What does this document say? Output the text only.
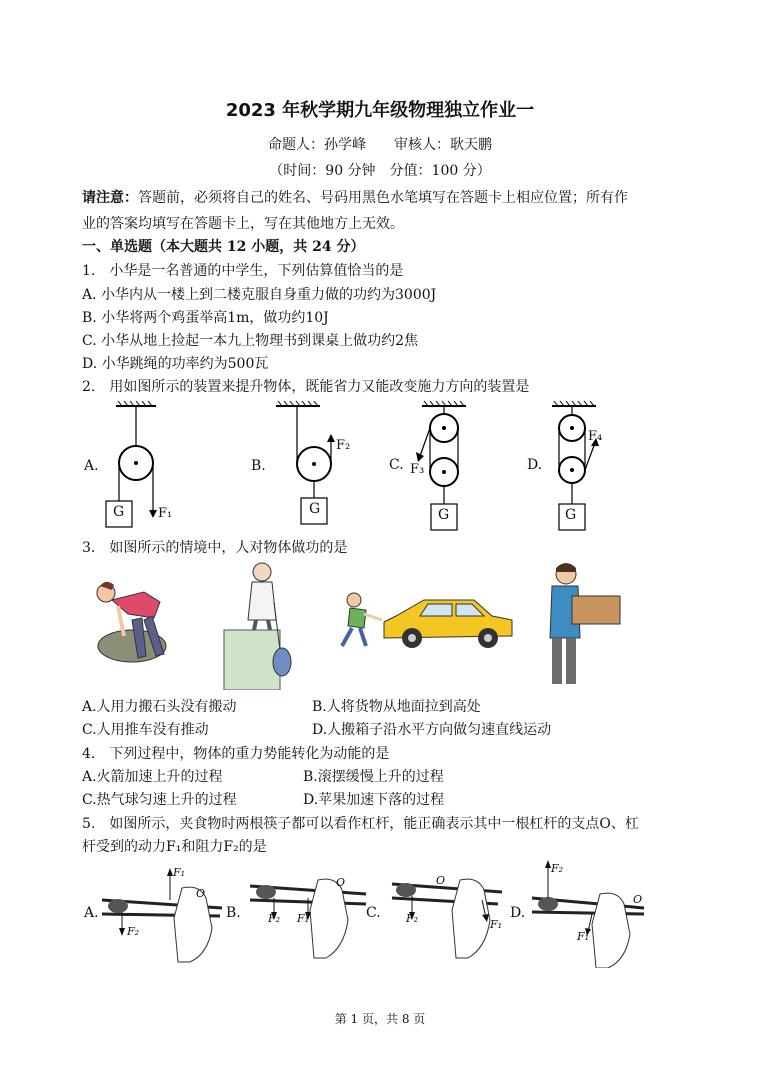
2023 年秋学期九年级物理独立作业一
命题人：孙学峰　　审核人：耿天鹏
（时间：90 分钟　分值：100 分）
请注意：答题前，必须将自己的姓名、号码用黑色水笔填写在答题卡上相应位置；所有作
业的答案均填写在答题卡上，写在其他地方上无效。
一、单选题（本大题共 12 小题，共 24 分）
1.　小华是一名普通的中学生，下列估算值恰当的是
A. 小华内从一楼上到二楼克服自身重力做的功约为3000J
B. 小华将两个鸡蛋举高1m，做功约10J
C. 小华从地上捡起一本九上物理书到课桌上做功约2焦
D. 小华跳绳的功率约为500瓦
2.　用如图所示的装置来提升物体，既能省力又能改变施力方向的装置是
A.	B.	C.	D.
G	G	G	G
F₁
F₂
F₃
F₄
3.　如图所示的情境中，人对物体做功的是
A.人用力搬石头没有搬动	B.人将货物从地面拉到高处
C.人用推车没有推动	D.人搬箱子沿水平方向做匀速直线运动
4.　下列过程中，物体的重力势能转化为动能的是
A.火箭加速上升的过程	B.滚摆缓慢上升的过程
C.热气球匀速上升的过程	D.苹果加速下落的过程
5.　如图所示，夹食物时两根筷子都可以看作杠杆，能正确表示其中一根杠杆的支点O、杠
杆受到的动力F₁和阻力F₂的是
A.	B.	C.	D.
F₁
O
F₂
O
F₂ F₁
O
F₂	F₁
F₂
O
F₁
第 1 页，共 8 页
